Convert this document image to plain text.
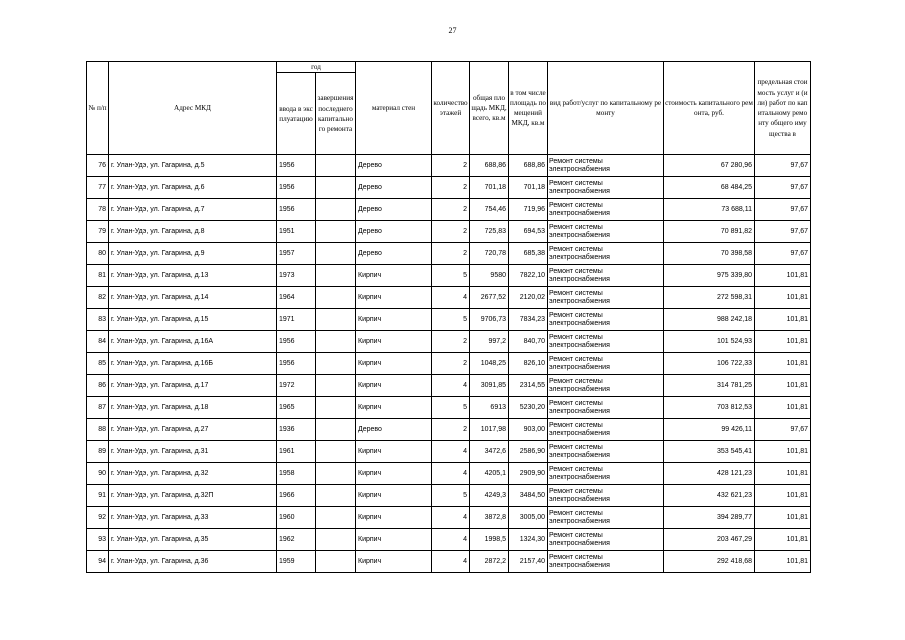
27
№ п/п	Адрес МКД	год		материал стен	количество этажей	общая площадь МКД, всего, кв.м	в том числе площадь помещений МКД, кв.м	вид работ/услуг по капитальному ремонту	стоимость капитального ремонта, руб.	предельная стоимость услуг и (или) работ по капитальному ремонту общего имущества в
		ввода в эксплуатацию	завершения последнего капитального ремонта							
76	г. Улан-Удэ, ул. Гагарина, д.5	1956		Дерево	2	688,86	688,86	Ремонт системы электроснабжения	67 280,96	97,67
77	г. Улан-Удэ, ул. Гагарина, д.6	1956		Дерево	2	701,18	701,18	Ремонт системы электроснабжения	68 484,25	97,67
78	г. Улан-Удэ, ул. Гагарина, д.7	1956		Дерево	2	754,46	719,96	Ремонт системы электроснабжения	73 688,11	97,67
79	г. Улан-Удэ, ул. Гагарина, д.8	1951		Дерево	2	725,83	694,53	Ремонт системы электроснабжения	70 891,82	97,67
80	г. Улан-Удэ, ул. Гагарина, д.9	1957		Дерево	2	720,78	685,38	Ремонт системы электроснабжения	70 398,58	97,67
81	г. Улан-Удэ, ул. Гагарина, д.13	1973		Кирпич	5	9580	7822,10	Ремонт системы электроснабжения	975 339,80	101,81
82	г. Улан-Удэ, ул. Гагарина, д.14	1964		Кирпич	4	2677,52	2120,02	Ремонт системы электроснабжения	272 598,31	101,81
83	г. Улан-Удэ, ул. Гагарина, д.15	1971		Кирпич	5	9706,73	7834,23	Ремонт системы электроснабжения	988 242,18	101,81
84	г. Улан-Удэ, ул. Гагарина, д.16А	1956		Кирпич	2	997,2	840,70	Ремонт системы электроснабжения	101 524,93	101,81
85	г. Улан-Удэ, ул. Гагарина, д.16Б	1956		Кирпич	2	1048,25	826,10	Ремонт системы электроснабжения	106 722,33	101,81
86	г. Улан-Удэ, ул. Гагарина, д.17	1972		Кирпич	4	3091,85	2314,55	Ремонт системы электроснабжения	314 781,25	101,81
87	г. Улан-Удэ, ул. Гагарина, д.18	1965		Кирпич	5	6913	5230,20	Ремонт системы электроснабжения	703 812,53	101,81
88	г. Улан-Удэ, ул. Гагарина, д.27	1936		Дерево	2	1017,98	903,00	Ремонт системы электроснабжения	99 426,11	97,67
89	г. Улан-Удэ, ул. Гагарина, д.31	1961		Кирпич	4	3472,6	2586,90	Ремонт системы электроснабжения	353 545,41	101,81
90	г. Улан-Удэ, ул. Гагарина, д.32	1958		Кирпич	4	4205,1	2909,90	Ремонт системы электроснабжения	428 121,23	101,81
91	г. Улан-Удэ, ул. Гагарина, д.32П	1966		Кирпич	5	4249,3	3484,50	Ремонт системы электроснабжения	432 621,23	101,81
92	г. Улан-Удэ, ул. Гагарина, д.33	1960		Кирпич	4	3872,8	3005,00	Ремонт системы электроснабжения	394 289,77	101,81
93	г. Улан-Удэ, ул. Гагарина, д.35	1962		Кирпич	4	1998,5	1324,30	Ремонт системы электроснабжения	203 467,29	101,81
94	г. Улан-Удэ, ул. Гагарина, д.36	1959		Кирпич	4	2872,2	2157,40	Ремонт системы электроснабжения	292 418,68	101,81
